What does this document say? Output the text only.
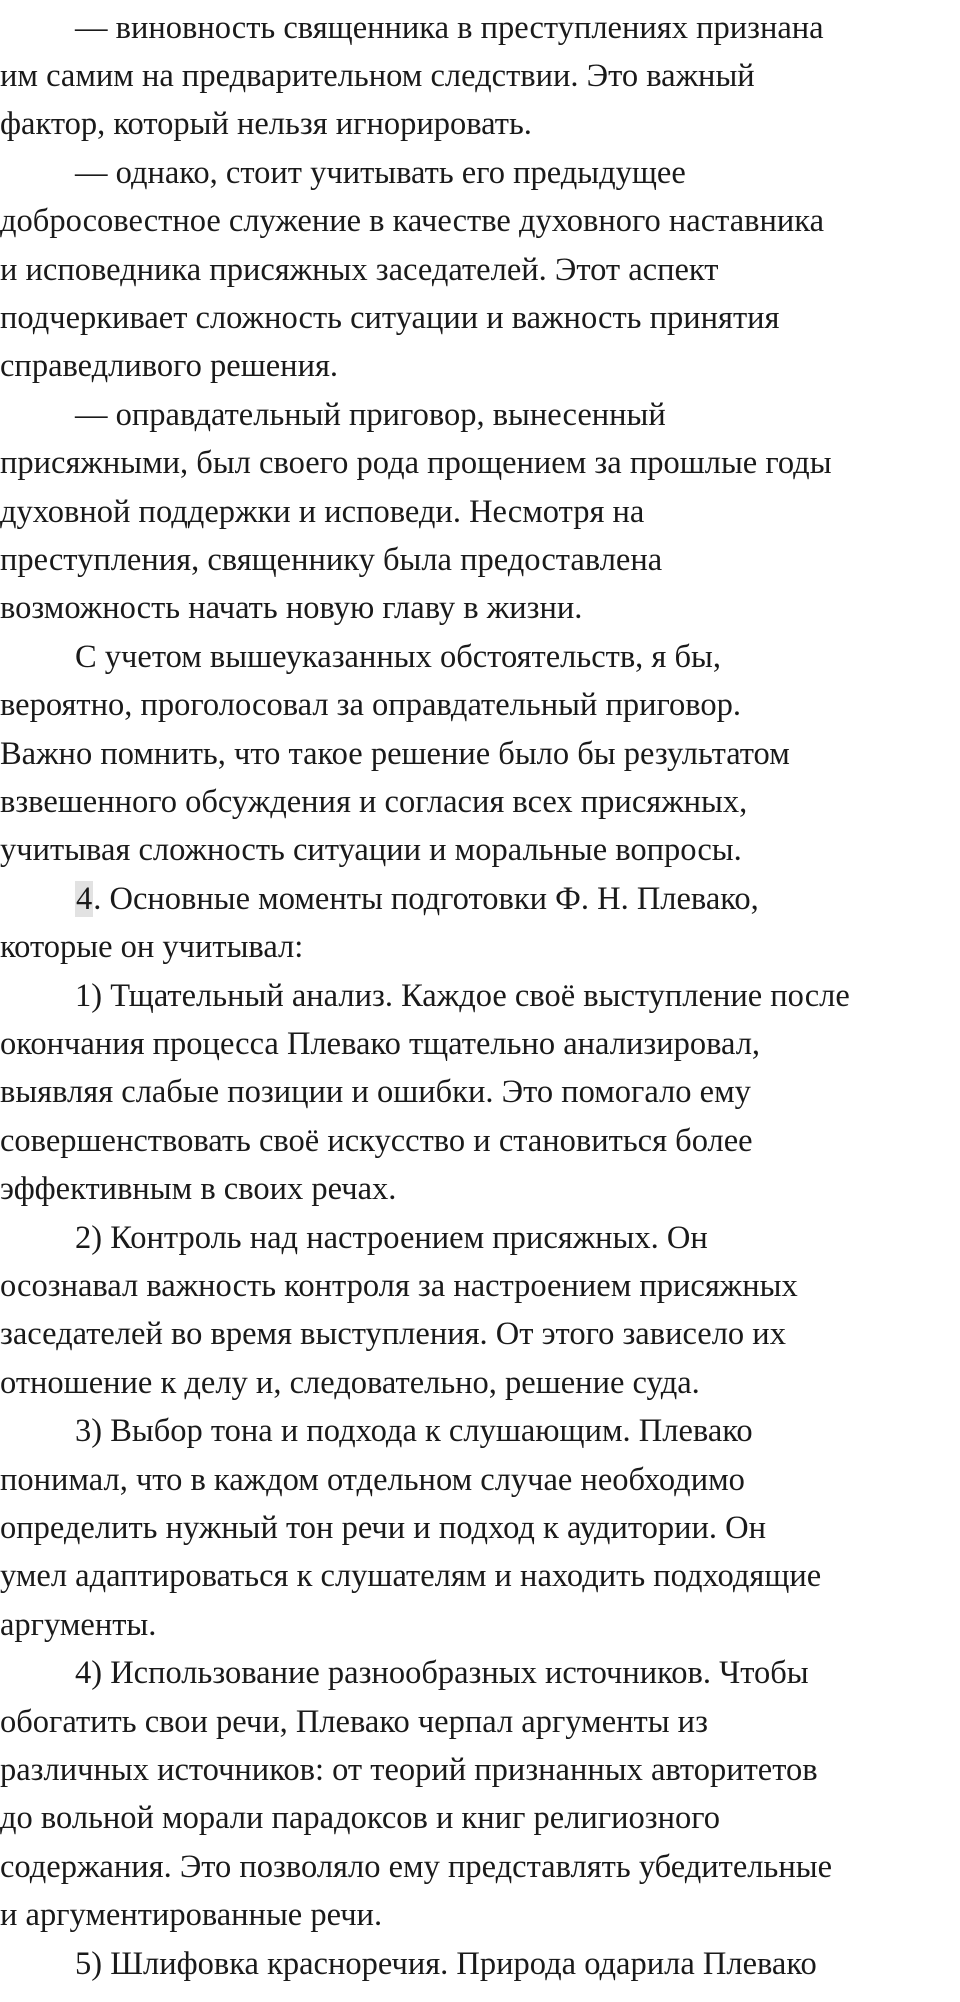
— виновность священника в преступлениях признана

им самим на предварительном следствии. Это важный

фактор, который нельзя игнорировать.

— однако, стоит учитывать его предыдущее

добросовестное служение в качестве духовного наставника

и исповедника присяжных заседателей. Этот аспект

подчеркивает сложность ситуации и важность принятия

справедливого решения.

— оправдательный приговор, вынесенный

присяжными, был своего рода прощением за прошлые годы

духовной поддержки и исповеди. Несмотря на

преступления, священнику была предоставлена

возможность начать новую главу в жизни.

С учетом вышеуказанных обстоятельств, я бы,

вероятно, проголосовал за оправдательный приговор.

Важно помнить, что такое решение было бы результатом

взвешенного обсуждения и согласия всех присяжных,

учитывая сложность ситуации и моральные вопросы.

4. Основные моменты подготовки Ф. Н. Плевако,

которые он учитывал:

1) Тщательный анализ. Каждое своё выступление после

окончания процесса Плевако тщательно анализировал,

выявляя слабые позиции и ошибки. Это помогало ему

совершенствовать своё искусство и становиться более

эффективным в своих речах.

2) Контроль над настроением присяжных. Он

осознавал важность контроля за настроением присяжных

заседателей во время выступления. От этого зависело их

отношение к делу и, следовательно, решение суда.

3) Выбор тона и подхода к слушающим. Плевако

понимал, что в каждом отдельном случае необходимо

определить нужный тон речи и подход к аудитории. Он

умел адаптироваться к слушателям и находить подходящие

аргументы.

4) Использование разнообразных источников. Чтобы

обогатить свои речи, Плевако черпал аргументы из

различных источников: от теорий признанных авторитетов

до вольной морали парадоксов и книг религиозного

содержания. Это позволяло ему представлять убедительные

и аргументированные речи.

5) Шлифовка красноречия. Природа одарила Плевако
